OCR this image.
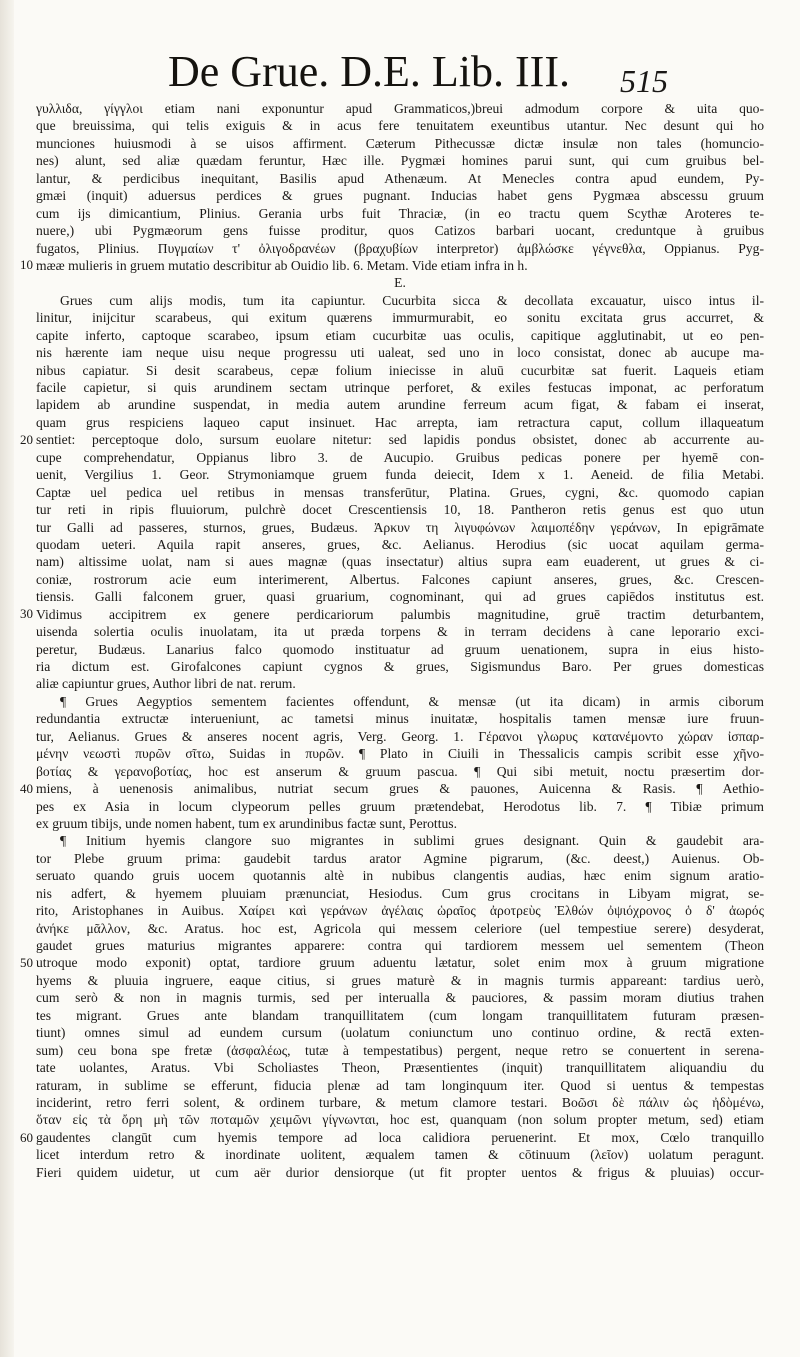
De Grue. D.E. Lib. III. 515
γυλλιδα, γίγγλοι etiam nani exponuntur apud Grammaticos,)breui admodum corpore & uita quo-
que breuissima, qui telis exiguis & in acus fere tenuitatem exeuntibus utantur. Nec desunt qui ho
munciones huiusmodi à se uisos affirment. Cæterum Pithecussæ dictæ insulæ non tales (homuncio-
nes) alunt, sed aliæ quædam feruntur, Hæc ille. Pygmæi homines parui sunt, qui cum gruibus bel-
lantur, & perdicibus inequitant, Basilis apud Athenæum. At Menecles contra apud eundem, Py-
gmæi (inquit) aduersus perdices & grues pugnant. Inducias habet gens Pygmæa abscessu gruum
cum ijs dimicantium, Plinius. Gerania urbs fuit Thraciæ, (in eo tractu quem Scythæ Aroteres te-
nuere,) ubi Pygmæorum gens fuisse proditur, quos Catizos barbari uocant, creduntque à gruibus
fugatos, Plinius. Πυγμαίων τ' ὀλιγοδρανέων (βραχυβίων interpretor) ἀμβλώσκε γέγνεθλα, Oppianus. Pyg-
mææ mulieris in gruem mutatio describitur ab Ouidio lib. 6. Metam. Vide etiam infra in h.
E.
Grues cum alijs modis, tum ita capiuntur. Cucurbita sicca & decollata excauatur, uisco intus il-
linitur, inijcitur scarabeus, qui exitum quærens immurmurabit, eo sonitu excitata grus accurret, &
capite inferto, captoque scarabeo, ipsum etiam cucurbitæ uas oculis, capitique agglutinabit, ut eo pen-
nis hærente iam neque uisu neque progressu uti ualeat, sed uno in loco consistat, donec ab aucupe ma-
nibus capiatur. Si desit scarabeus, cepæ folium iniecisse in aluū cucurbitæ sat fuerit. Laqueis etiam
facile capietur, si quis arundinem sectam utrinque perforet, & exiles festucas imponat, ac perforatum
lapidem ab arundine suspendat, in media autem arundine ferreum acum figat, & fabam ei inserat,
quam grus respiciens laqueo caput insinuet. Hac arrepta, iam retractura caput, collum illaqueatum
sentiet: perceptoque dolo, sursum euolare nitetur: sed lapidis pondus obsistet, donec ab accurrente au-
cupe comprehendatur, Oppianus libro 3. de Aucupio. Gruibus pedicas ponere per hyemē con-
uenit, Vergilius 1. Geor. Strymoniamque gruem funda deiecit, Idem x 1. Aeneid. de filia Metabi.
Captæ uel pedica uel retibus in mensas transferūtur, Platina. Grues, cygni, &c. quomodo capian
tur reti in ripis fluuiorum, pulchrè docet Crescentiensis 10, 18. Pantheron retis genus est quo utun
tur Galli ad passeres, sturnos, grues, Budæus. Ἀρκυν τη λιγυφώνων λαιμοπέδην γεράνων, In epigrāmate
quodam ueteri. Aquila rapit anseres, grues, &c. Aelianus. Herodius (sic uocat aquilam germa-
nam) altissime uolat, nam si aues magnæ (quas insectatur) altius supra eam euaderent, ut grues & ci-
coniæ, rostrorum acie eum interimerent, Albertus. Falcones capiunt anseres, grues, &c. Crescen-
tiensis. Galli falconem gruer, quasi gruarium, cognominant, qui ad grues capiēdos institutus est.
Vidimus accipitrem ex genere perdicariorum palumbis magnitudine, gruē tractim deturbantem,
uisenda solertia oculis inuolatam, ita ut præda torpens & in terram decidens à cane leporario exci-
peretur, Budæus. Lanarius falco quomodo instituatur ad gruum uenationem, supra in eius histo-
ria dictum est. Girofalcones capiunt cygnos & grues, Sigismundus Baro. Per grues domesticas
aliæ capiuntur grues, Author libri de nat. rerum.
¶ Grues Aegyptios sementem facientes offendunt, & mensæ (ut ita dicam) in armis ciborum
redundantia extructæ interueniunt, ac tametsi minus inuitatæ, hospitalis tamen mensæ iure fruun-
tur, Aelianus. Grues & anseres nocent agris, Verg. Georg. 1. Γέρανοι γλωρυς κατανέμοντο χώραν ἰσπαρ-
μένην νεωστὶ πυρῶν σῖτω, Suidas in πυρῶν. ¶ Plato in Ciuili in Thessalicis campis scribit esse χῆνο-
βοτίας & γερανοβοτίας, hoc est anserum & gruum pascua. ¶ Qui sibi metuit, noctu præsertim dor-
miens, à uenenosis animalibus, nutriat secum grues & pauones, Auicenna & Rasis. ¶ Aethio-
pes ex Asia in locum clypeorum pelles gruum prætendebat, Herodotus lib. 7. ¶ Tibiæ primum
ex gruum tibijs, unde nomen habent, tum ex arundinibus factæ sunt, Perottus.
¶ Initium hyemis clangore suo migrantes in sublimi grues designant. Quin & gaudebit ara-
tor Plebe gruum prima: gaudebit tardus arator Agmine pigrarum, (&c. deest,) Auienus. Ob-
seruato quando gruis uocem quotannis altè in nubibus clangentis audias, hæc enim signum aratio-
nis adfert, & hyemem pluuiam prænunciat, Hesiodus. Cum grus crocitans in Libyam migrat, se-
rito, Aristophanes in Auibus. Χαίρει καὶ γεράνων ἀγέλαις ὡραῖος ἀροτρεὺς Ἐλθών ὀψιόχρονος ὁ δ' ἀωρός
ἀνήκε μᾶλλον, &c. Aratus. hoc est, Agricola qui messem celeriore (uel tempestiue serere) desyderat,
gaudet grues maturius migrantes apparere: contra qui tardiorem messem uel sementem (Theon
utroque modo exponit) optat, tardiore gruum aduentu lætatur, solet enim mox à gruum migratione
hyems & pluuia ingruere, eaque citius, si grues maturè & in magnis turmis appareant: tardius uerò,
cum serò & non in magnis turmis, sed per interualla & pauciores, & passim moram diutius trahen
tes migrant. Grues ante blandam tranquillitatem (cum longam tranquillitatem futuram præsen-
tiunt) omnes simul ad eundem cursum (uolatum coniunctum uno continuo ordine, & rectā exten-
sum) ceu bona spe fretæ (ἀσφαλέως, tutæ à tempestatibus) pergent, neque retro se conuertent in serena-
tate uolantes, Aratus. Vbi Scholiastes Theon, Præsentientes (inquit) tranquillitatem aliquandiu du
raturam, in sublime se efferunt, fiducia plenæ ad tam longinquum iter. Quod si uentus & tempestas
inciderint, retro ferri solent, & ordinem turbare, & metum clamore testari. Βοῶσι δὲ πάλιν ὡς ἠδὸμένω,
ὅταν εἰς τὰ ὄρη μὴ τῶν ποταμῶν χειμῶνι γίγνωνται, hoc est, quanquam (non solum propter metum, sed) etiam
gaudentes clangūt cum hyemis tempore ad loca calidiora peruenerint. Et mox, Cœlo tranquillo
licet interdum retro & inordinate uolitent, æqualem tamen & cōtinuum (λεῖον) uolatum peragunt.
Fieri quidem uidetur, ut cum aër durior densiorque (ut fit propter uentos & frigus & pluuias) occur-
10
20
30
40
50
60
